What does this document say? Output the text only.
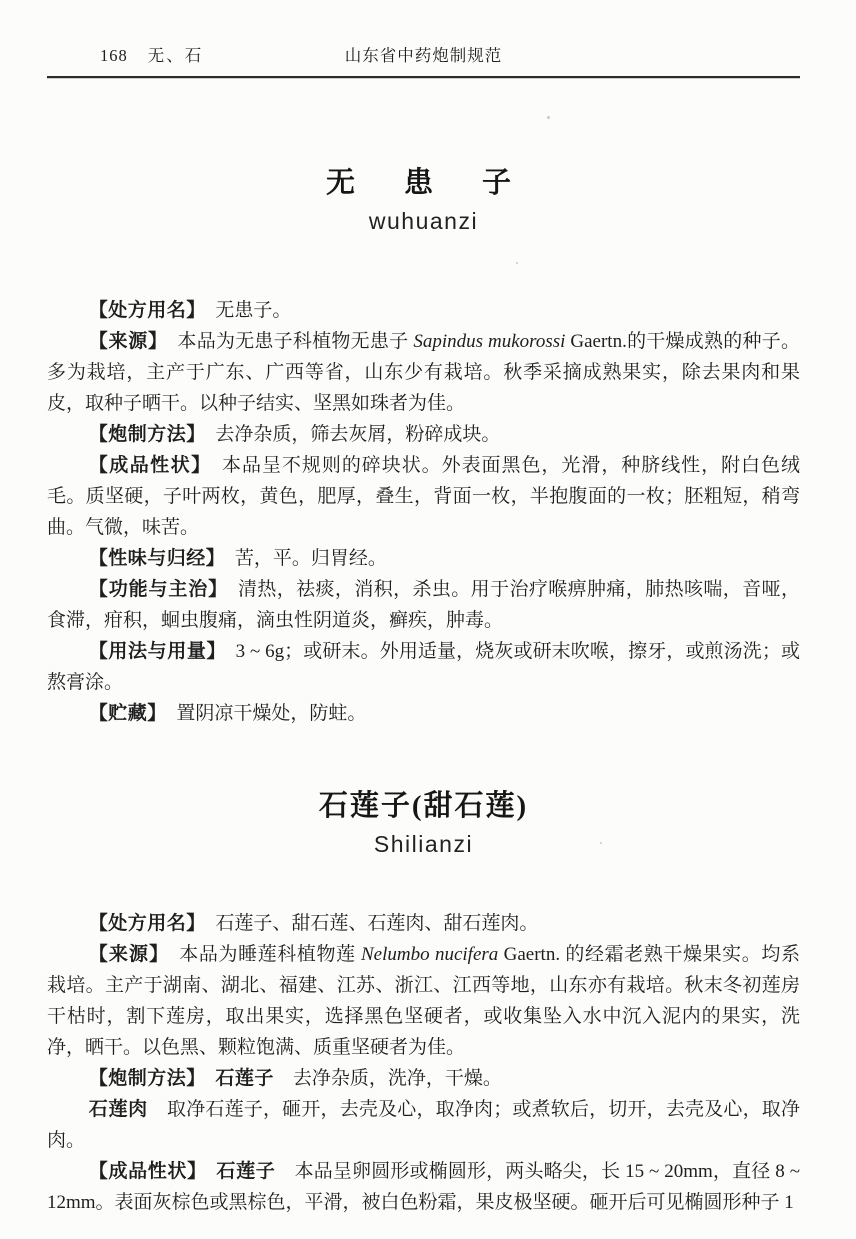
168 无、石	山东省中药炮制规范
无　患　子
wuhuanzi

【处方用名】　无患子。

【来源】　本品为无患子科植物无患子 Sapindus mukorossi Gaertn.的干燥成熟的种子。多为栽培，主产于广东、广西等省，山东少有栽培。秋季采摘成熟果实，除去果肉和果皮，取种子晒干。以种子结实、坚黑如珠者为佳。

【炮制方法】　去净杂质，筛去灰屑，粉碎成块。

【成品性状】　本品呈不规则的碎块状。外表面黑色，光滑，种脐线性，附白色绒毛。质坚硬，子叶两枚，黄色，肥厚，叠生，背面一枚，半抱腹面的一枚；胚粗短，稍弯曲。气微，味苦。

【性味与归经】　苦，平。归胃经。

【功能与主治】　清热，祛痰，消积，杀虫。用于治疗喉痹肿痛，肺热咳喘，音哑，食滞，疳积，蛔虫腹痛，滴虫性阴道炎，癣疾，肿毒。

【用法与用量】　3 ~ 6g；或研末。外用适量，烧灰或研末吹喉，擦牙，或煎汤洗；或熬膏涂。

【贮藏】　置阴凉干燥处，防蛀。

石莲子(甜石莲)
Shilianzi

【处方用名】　石莲子、甜石莲、石莲肉、甜石莲肉。

【来源】　本品为睡莲科植物莲 Nelumbo nucifera Gaertn. 的经霜老熟干燥果实。均系栽培。主产于湖南、湖北、福建、江苏、浙江、江西等地，山东亦有栽培。秋末冬初莲房干枯时，割下莲房，取出果实，选择黑色坚硬者，或收集坠入水中沉入泥内的果实，洗净，晒干。以色黑、颗粒饱满、质重坚硬者为佳。

【炮制方法】　 石莲子　去净杂质，洗净，干燥。

石莲肉　取净石莲子，砸开，去壳及心，取净肉；或煮软后，切开，去壳及心，取净肉。

【成品性状】　 石莲子　本品呈卵圆形或椭圆形，两头略尖，长 15 ~ 20mm，直径 8 ~ 12mm。表面灰棕色或黑棕色，平滑，被白色粉霜，果皮极坚硬。砸开后可见椭圆形种子 1
